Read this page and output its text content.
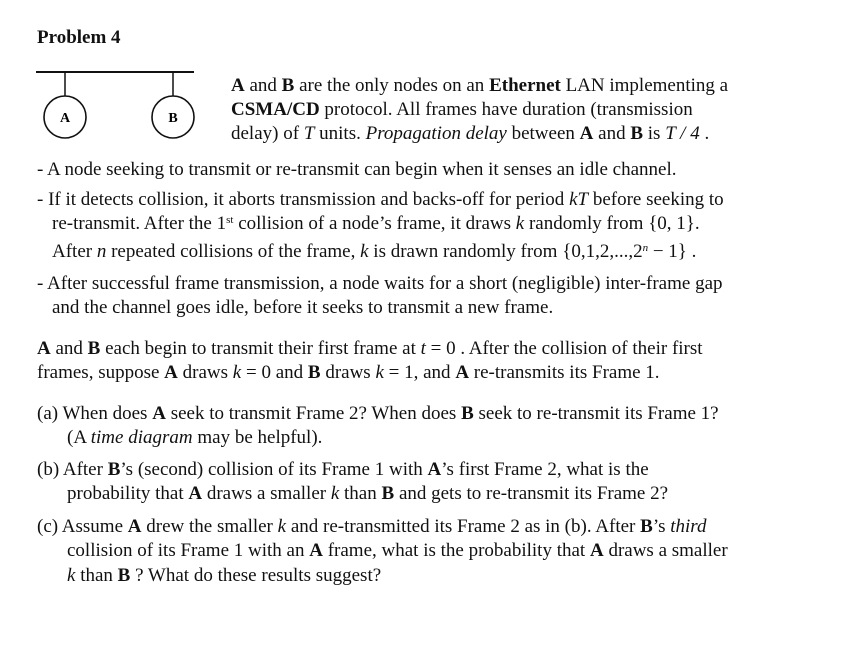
Problem 4
A	B
A and B are the only nodes on an Ethernet LAN implementing a
CSMA/CD protocol. All frames have duration (transmission
delay) of T units. Propagation delay between A and B is T / 4 .
- A node seeking to transmit or re-transmit can begin when it senses an idle channel.
- If it detects collision, it aborts transmission and backs-off for period kT before seeking to
re-transmit. After the 1st collision of a node’s frame, it draws k randomly from {0, 1}.
After n repeated collisions of the frame, k is drawn randomly from $\{0,1,2,...,2^n - 1\}$ .
- After successful frame transmission, a node waits for a short (negligible) inter-frame gap
and the channel goes idle, before it seeks to transmit a new frame.
A and B each begin to transmit their first frame at t = 0 . After the collision of their first
frames, suppose A draws k = 0 and B draws k = 1, and A re-transmits its Frame 1.
(a) When does A seek to transmit Frame 2? When does B seek to re-transmit its Frame 1?
(A time diagram may be helpful).
(b) After B’s (second) collision of its Frame 1 with A’s first Frame 2, what is the
probability that A draws a smaller k than B and gets to re-transmit its Frame 2?
(c) Assume A drew the smaller k and re-transmitted its Frame 2 as in (b). After B’s third
collision of its Frame 1 with an A frame, what is the probability that A draws a smaller
k than B ? What do these results suggest?
